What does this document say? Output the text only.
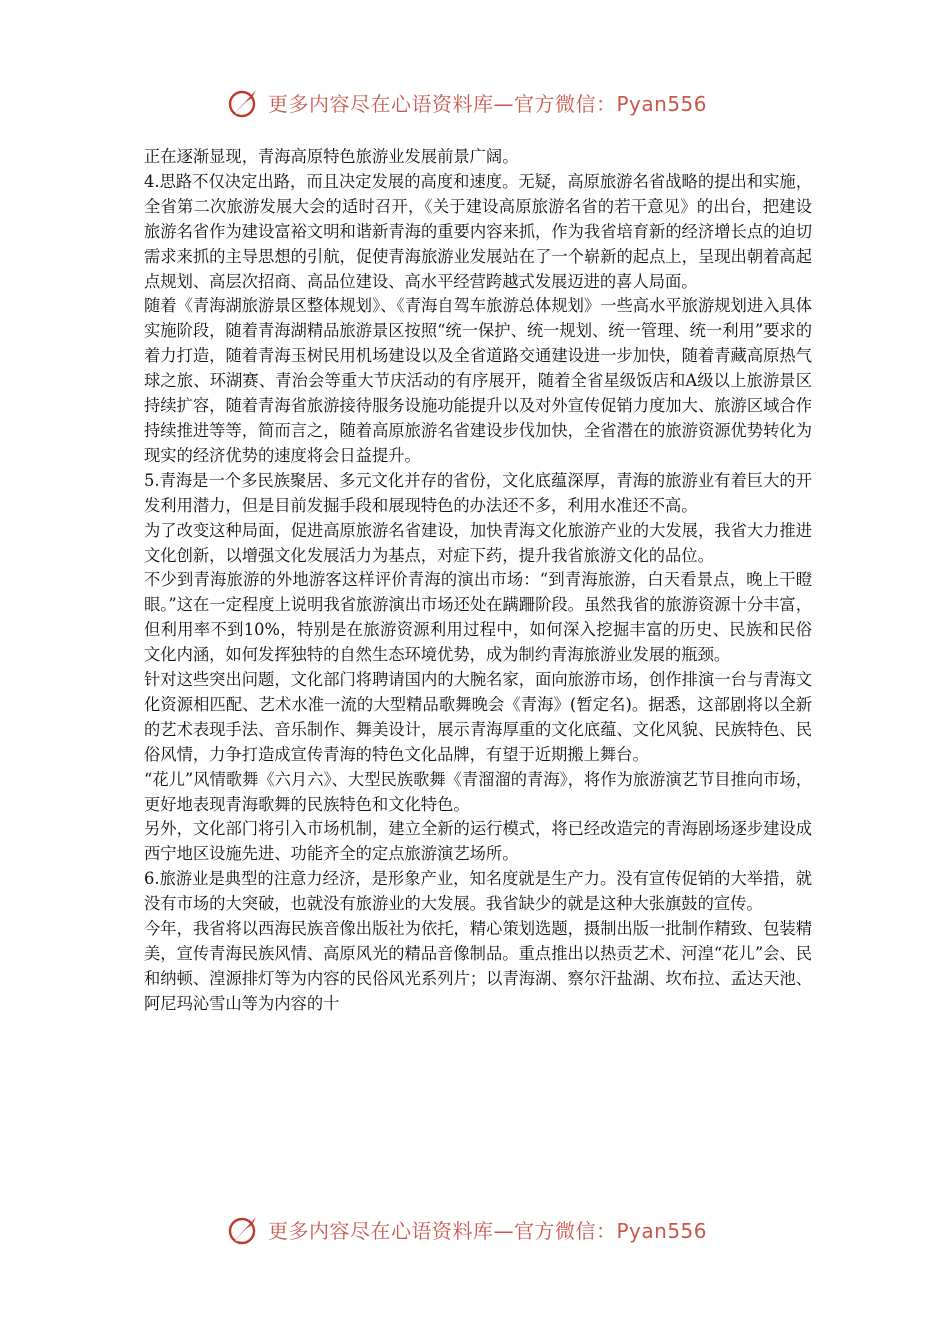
更多内容尽在心语资料库—官方微信：Pyan556

正在逐渐显现，青海高原特色旅游业发展前景广阔。

4.思路不仅决定出路，而且决定发展的高度和速度。无疑，高原旅游名省战略的提出和实施，全省第二次旅游发展大会的适时召开，《关于建设高原旅游名省的若干意见》的出台，把建设旅游名省作为建设富裕文明和谐新青海的重要内容来抓，作为我省培育新的经济增长点的迫切需求来抓的主导思想的引航，促使青海旅游业发展站在了一个崭新的起点上，呈现出朝着高起点规划、高层次招商、高品位建设、高水平经营跨越式发展迈进的喜人局面。

随着《青海湖旅游景区整体规划》、《青海自驾车旅游总体规划》一些高水平旅游规划进入具体实施阶段，随着青海湖精品旅游景区按照“统一保护、统一规划、统一管理、统一利用”要求的着力打造，随着青海玉树民用机场建设以及全省道路交通建设进一步加快，随着青藏高原热气球之旅、环湖赛、青治会等重大节庆活动的有序展开，随着全省星级饭店和A级以上旅游景区持续扩容，随着青海省旅游接待服务设施功能提升以及对外宣传促销力度加大、旅游区域合作持续推进等等，简而言之，随着高原旅游名省建设步伐加快，全省潜在的旅游资源优势转化为现实的经济优势的速度将会日益提升。

5.青海是一个多民族聚居、多元文化并存的省份，文化底蕴深厚，青海的旅游业有着巨大的开发利用潜力，但是目前发掘手段和展现特色的办法还不多，利用水准还不高。

为了改变这种局面，促进高原旅游名省建设，加快青海文化旅游产业的大发展，我省大力推进文化创新，以增强文化发展活力为基点，对症下药，提升我省旅游文化的品位。

不少到青海旅游的外地游客这样评价青海的演出市场：“到青海旅游，白天看景点，晚上干瞪眼。”这在一定程度上说明我省旅游演出市场还处在蹒跚阶段。虽然我省的旅游资源十分丰富，但利用率不到10%，特别是在旅游资源利用过程中，如何深入挖掘丰富的历史、民族和民俗文化内涵，如何发挥独特的自然生态环境优势，成为制约青海旅游业发展的瓶颈。

针对这些突出问题，文化部门将聘请国内的大腕名家，面向旅游市场，创作排演一台与青海文化资源相匹配、艺术水准一流的大型精品歌舞晚会《青海》(暂定名)。据悉，这部剧将以全新的艺术表现手法、音乐制作、舞美设计，展示青海厚重的文化底蕴、文化风貌、民族特色、民俗风情，力争打造成宣传青海的特色文化品牌，有望于近期搬上舞台。

“花儿”风情歌舞《六月六》、大型民族歌舞《青溜溜的青海》，将作为旅游演艺节目推向市场，更好地表现青海歌舞的民族特色和文化特色。

另外，文化部门将引入市场机制，建立全新的运行模式，将已经改造完的青海剧场逐步建设成西宁地区设施先进、功能齐全的定点旅游演艺场所。

6.旅游业是典型的注意力经济，是形象产业，知名度就是生产力。没有宣传促销的大举措，就没有市场的大突破，也就没有旅游业的大发展。我省缺少的就是这种大张旗鼓的宣传。

今年，我省将以西海民族音像出版社为依托，精心策划选题，摄制出版一批制作精致、包装精美，宣传青海民族风情、高原风光的精品音像制品。重点推出以热贡艺术、河湟“花儿”会、民和纳顿、湟源排灯等为内容的民俗风光系列片；以青海湖、察尔汗盐湖、坎布拉、孟达天池、阿尼玛沁雪山等为内容的十

更多内容尽在心语资料库—官方微信：Pyan556
